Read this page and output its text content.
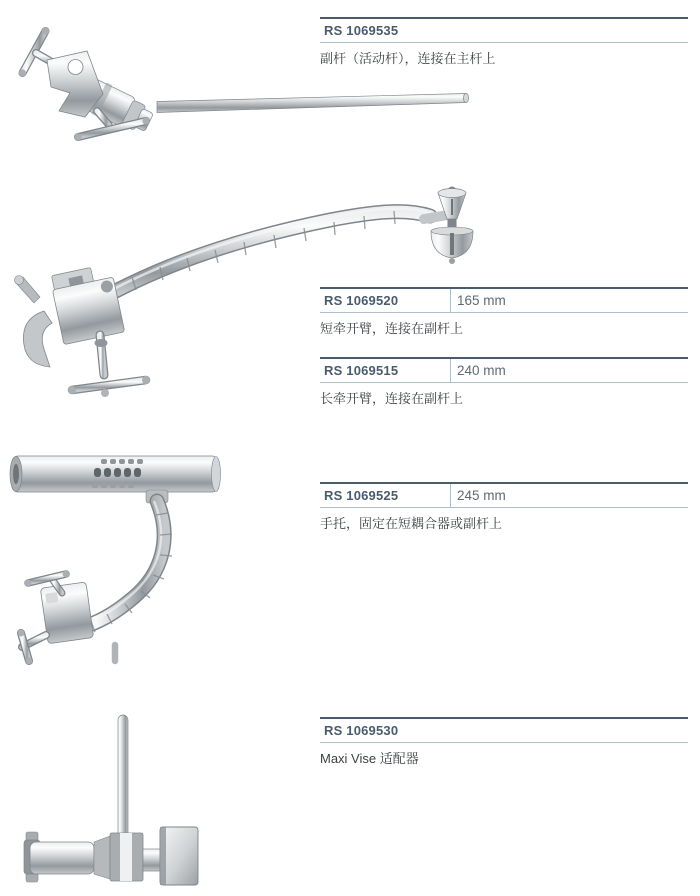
RS 1069535
副杆（活动杆），连接在主杆上
RS 1069520	165 mm
短牵开臂，连接在副杆上
RS 1069515	240 mm
长牵开臂，连接在副杆上
RS 1069525	245 mm
手托，固定在短耦合器或副杆上
RS 1069530
Maxi Vise 适配器
